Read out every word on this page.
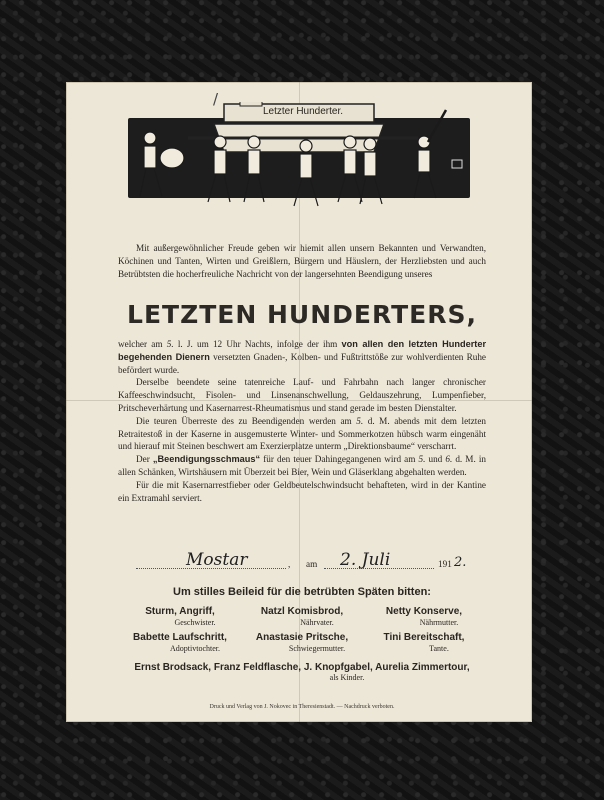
/
Letzter Hunderter.

Mit außergewöhnlicher Freude geben wir hiemit allen unsern Bekannten und Verwandten, Köchinen und Tanten, Wirten und Greißlern, Bürgern und Häuslern, der Herzliebsten und auch Betrübtsten die hocherfreuliche Nachricht von der langersehnten Beendigung unseres

LETZTEN HUNDERTERS,

welcher am 5. l. J. um 12 Uhr Nachts, infolge der ihm von allen den letzten Hunderter begehenden Dienern versetzten Gnaden-, Kolben- und Fußtrittstöße zur wohlverdienten Ruhe befördert wurde.

Derselbe beendete seine tatenreiche Lauf- und Fahrbahn nach langer chronischer Kaffeeschwindsucht, Fisolen- und Linsenanschwellung, Geldauszehrung, Lumpenfieber, Pritscheverhärtung und Kasernarrest-Rheumatismus und stand gerade im besten Dienstalter.

Die teuren Überreste des zu Beendigenden werden am 5. d. M. abends mit dem letzten Retraitestoß in der Kaserne in ausgemusterte Winter- und Sommerkotzen hübsch warm eingenäht und hierauf mit Steinen beschwert am Exerzierplatze unterm „Direktionsbaume“ verscharrt.

Der „Beendigungsschmaus“ für den teuer Dahingegangenen wird am 5. und 6. d. M. in allen Schänken, Wirtshäusern mit Überzeit bei Bier, Wein und Gläserklang abgehalten werden.

Für die mit Kasernarrestfieber oder Geldbeutelschwindsucht behafteten, wird in der Kantine ein Extramahl serviert.

Mostar	, am 2. Juli	191 2.
Um stilles Beileid für die betrübten Späten bitten:
Sturm, Angriff,
Geschwister.
Natzl Komisbrod,
Nährvater.
Netty Konserve,
Nährmutter.
Babette Laufschritt,
Adoptivtochter.
Anastasie Pritsche,
Schwiegermutter.
Tini Bereitschaft,
Tante.
Ernst Brodsack, Franz Feldflasche, J. Knopfgabel, Aurelia Zimmertour,
als Kinder.
Druck und Verlag von J. Nokovec in Theresienstadt. — Nachdruck verboten.
